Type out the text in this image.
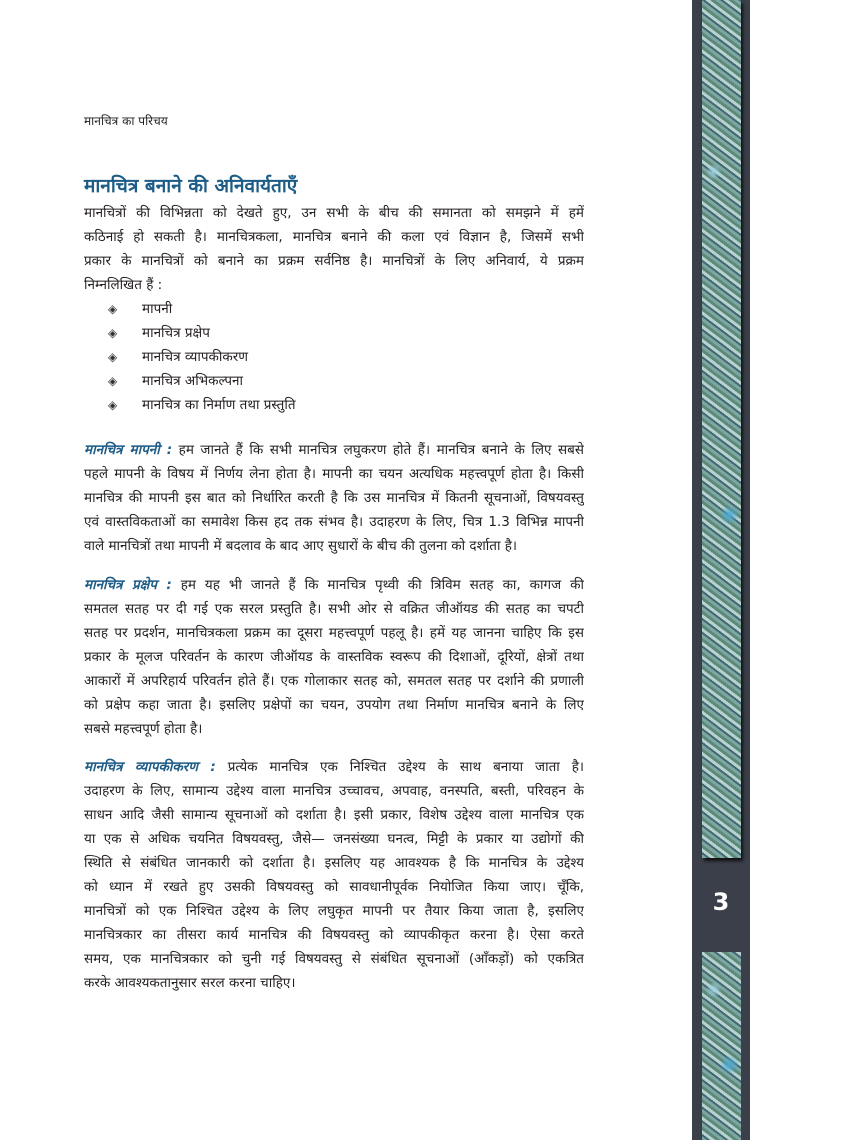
मानचित्र का परिचय
मानचित्र बनाने की अनिवार्यताएँ
मानचित्रों की विभिन्नता को देखते हुए, उन सभी के बीच की समानता को समझने में हमें
कठिनाई हो सकती है। मानचित्रकला, मानचित्र बनाने की कला एवं विज्ञान है, जिसमें सभी
प्रकार के मानचित्रों को बनाने का प्रक्रम सर्वनिष्ठ है। मानचित्रों के लिए अनिवार्य, ये प्रक्रम
निम्नलिखित हैं :
◈	मापनी
◈	मानचित्र प्रक्षेप
◈	मानचित्र व्यापकीकरण
◈	मानचित्र अभिकल्पना
◈	मानचित्र का निर्माण तथा प्रस्तुति
मानचित्र मापनी : हम जानते हैं कि सभी मानचित्र लघुकरण होते हैं। मानचित्र बनाने के लिए सबसे
पहले मापनी के विषय में निर्णय लेना होता है। मापनी का चयन अत्यधिक महत्त्वपूर्ण होता है। किसी
मानचित्र की मापनी इस बात को निर्धारित करती है कि उस मानचित्र में कितनी सूचनाओं, विषयवस्तु
एवं वास्तविकताओं का समावेश किस हद तक संभव है। उदाहरण के लिए, चित्र 1.3 विभिन्न मापनी
वाले मानचित्रों तथा मापनी में बदलाव के बाद आए सुधारों के बीच की तुलना को दर्शाता है।
मानचित्र प्रक्षेप : हम यह भी जानते हैं कि मानचित्र पृथ्वी की त्रिविम सतह का, कागज की
समतल सतह पर दी गई एक सरल प्रस्तुति है। सभी ओर से वक्रित जीऑयड की सतह का चपटी
सतह पर प्रदर्शन, मानचित्रकला प्रक्रम का दूसरा महत्त्वपूर्ण पहलू है। हमें यह जानना चाहिए कि इस
प्रकार के मूलज परिवर्तन के कारण जीऑयड के वास्तविक स्वरूप की दिशाओं, दूरियों, क्षेत्रों तथा
आकारों में अपरिहार्य परिवर्तन होते हैं। एक गोलाकार सतह को, समतल सतह पर दर्शाने की प्रणाली
को प्रक्षेप कहा जाता है। इसलिए प्रक्षेपों का चयन, उपयोग तथा निर्माण मानचित्र बनाने के लिए
सबसे महत्त्वपूर्ण होता है।
मानचित्र व्यापकीकरण : प्रत्येक मानचित्र एक निश्चित उद्देश्य के साथ बनाया जाता है।
उदाहरण के लिए, सामान्य उद्देश्य वाला मानचित्र उच्चावच, अपवाह, वनस्पति, बस्ती, परिवहन के
साधन आदि जैसी सामान्य सूचनाओं को दर्शाता है। इसी प्रकार, विशेष उद्देश्य वाला मानचित्र एक
या एक से अधिक चयनित विषयवस्तु, जैसे— जनसंख्या घनत्व, मिट्टी के प्रकार या उद्योगों की
स्थिति से संबंधित जानकारी को दर्शाता है। इसलिए यह आवश्यक है कि मानचित्र के उद्देश्य
को ध्यान में रखते हुए उसकी विषयवस्तु को सावधानीपूर्वक नियोजित किया जाए। चूँकि,
मानचित्रों को एक निश्चित उद्देश्य के लिए लघुकृत मापनी पर तैयार किया जाता है, इसलिए
मानचित्रकार का तीसरा कार्य मानचित्र की विषयवस्तु को व्यापकीकृत करना है। ऐसा करते
समय, एक मानचित्रकार को चुनी गई विषयवस्तु से संबंधित सूचनाओं (आँकड़ों) को एकत्रित
करके आवश्यकतानुसार सरल करना चाहिए।
3
